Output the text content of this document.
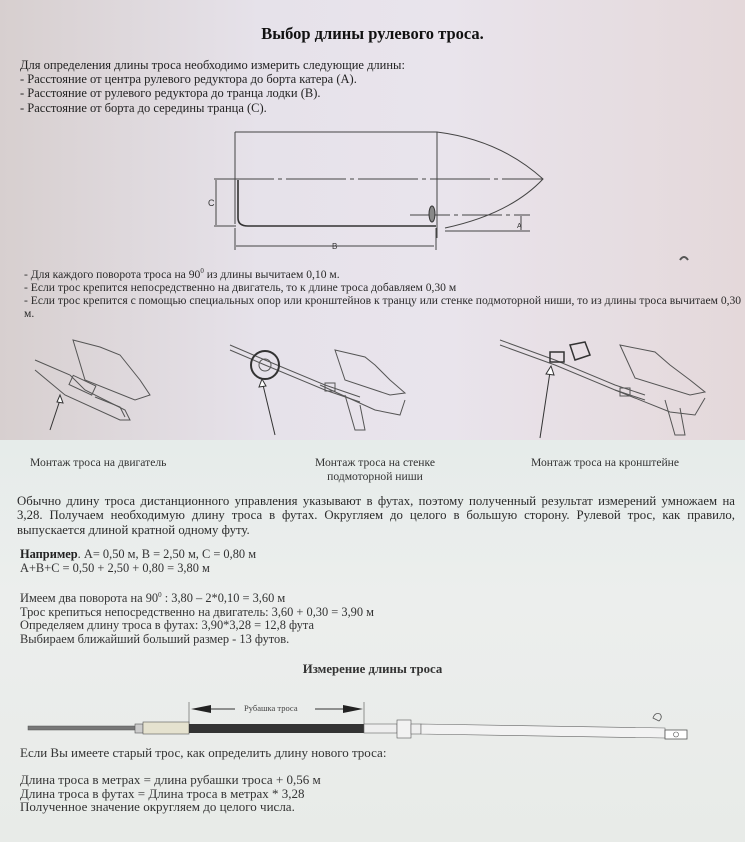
Выбор длины рулевого троса.
Для определения длины троса необходимо измерить следующие длины:
- Расстояние от центра рулевого редуктора до борта катера (А).
- Расстояние от рулевого редуктора до транца лодки (В).
- Расстояние от борта до середины транца (С).
C
B
A
- Для каждого поворота троса на $90^0$ из длины вычитаем 0,10 м.
- Если трос крепится непосредственно на двигатель, то к длине троса добавляем 0,30 м
- Если трос крепится с помощью специальных опор или кронштейнов к транцу или стенке подмоторной ниши, то из длины троса вычитаем 0,30 м.
Монтаж троса на двигатель	Монтаж троса на стенке подмоторной ниши
Монтаж троса на кронштейне
Обычно длину троса дистанционного управления указывают в футах, поэтому полученный результат измерений умножаем на 3,28. Получаем необходимую длину троса в футах. Округляем до целого в большую сторону. Рулевой трос, как правило, выпускается длиной кратной одному футу.
Например. А= 0,50 м, В = 2,50 м, С = 0,80 м
А+В+С = 0,50 + 2,50 + 0,80 = 3,80 м
Имеем два поворота на $90^0$ : 3,80 – 2*0,10 = 3,60 м
Трос крепиться непосредственно на двигатель: 3,60 + 0,30 = 3,90 м
Определяем длину троса в футах: 3,90*3,28 = 12,8 фута
Выбираем ближайший больший размер - 13 футов.
Измерение длины троса
Рубашка троса
Если Вы имеете старый трос, как определить длину нового троса:
Длина троса в метрах = длина рубашки троса + 0,56 м
Длина троса в футах = Длина троса в метрах * 3,28
Полученное значение округляем до целого числа.
